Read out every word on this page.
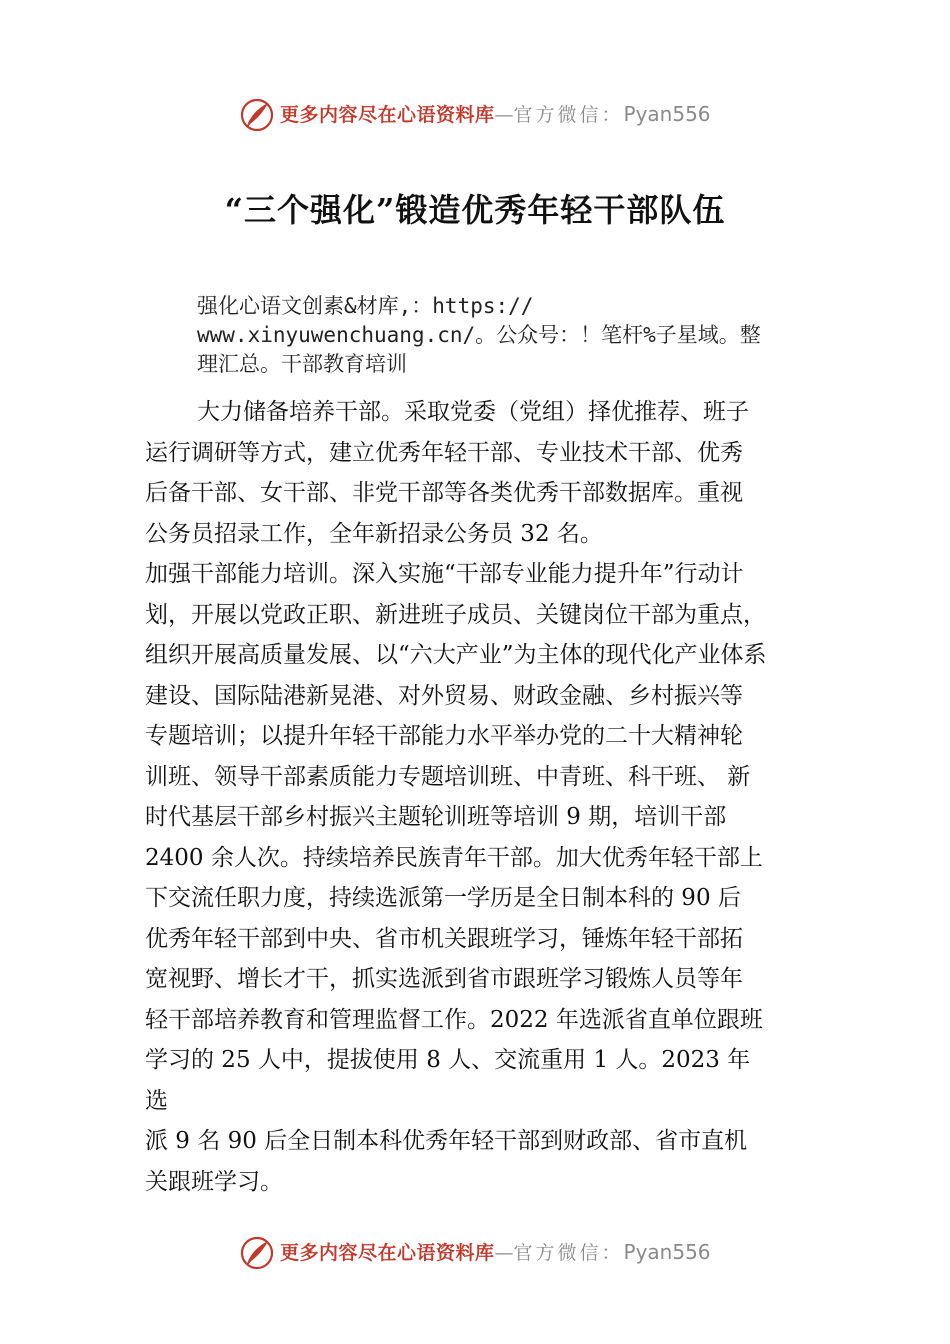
更多内容尽在心语资料库—官方微信：Pyan556
“三个强化”锻造优秀年轻干部队伍
强化心语文创素&材库,：https://
www.xinyuwenchuang.cn/。公众号：！笔杆%子星域。整
理汇总。干部教育培训
大力储备培养干部。采取党委（党组）择优推荐、班子
运行调研等方式，建立优秀年轻干部、专业技术干部、优秀
后备干部、女干部、非党干部等各类优秀干部数据库。重视
公务员招录工作，全年新招录公务员 32 名。
加强干部能力培训。深入实施“干部专业能力提升年”行动计
划，开展以党政正职、新进班子成员、关键岗位干部为重点，
组织开展高质量发展、以“六大产业”为主体的现代化产业体系
建设、国际陆港新晃港、对外贸易、财政金融、乡村振兴等
专题培训；以提升年轻干部能力水平举办党的二十大精神轮
训班、领导干部素质能力专题培训班、中青班、科干班、 新
时代基层干部乡村振兴主题轮训班等培训 9 期，培训干部
2400 余人次。持续培养民族青年干部。加大优秀年轻干部上
下交流任职力度，持续选派第一学历是全日制本科的 90 后
优秀年轻干部到中央、省市机关跟班学习，锤炼年轻干部拓
宽视野、增长才干，抓实选派到省市跟班学习锻炼人员等年
轻干部培养教育和管理监督工作。2022 年选派省直单位跟班
学习的 25 人中，提拔使用 8 人、交流重用 1 人。2023 年
选
派 9 名 90 后全日制本科优秀年轻干部到财政部、省市直机
关跟班学习。
更多内容尽在心语资料库—官方微信：Pyan556
